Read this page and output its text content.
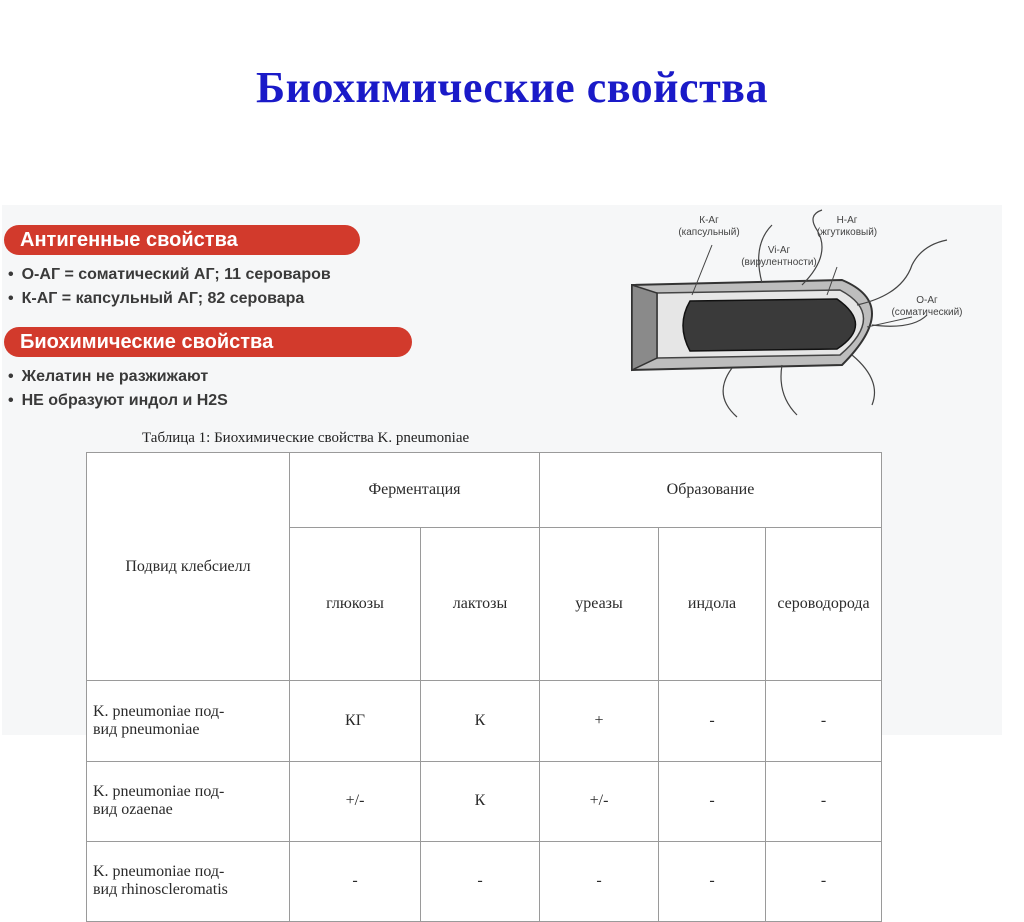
Биохимические свойства
Антигенные свойства
• О-АГ = соматический АГ; 11 сероваров
• К-АГ = капсульный АГ; 82 серовара
Биохимические свойства
• Желатин не разжижают
• НЕ образуют индол и H2S
К-Аг
(капсульный)
Н-Аг
(жгутиковый)
Vi-Аг
(вирулентности)
О-Аг
(соматический)
Таблица 1: Биохимические свойства K. pneumoniae
Подвид клебсиелл	Ферментация		Образование		
	глюкозы	лактозы	уреазы	индола	сероводорода

K. pneumoniae под-
вид pneumoniae	КГ	К	+	-	-

K. pneumoniae под-
вид ozaenae	+/-	К	+/-	-	-

K. pneumoniae под-
вид rhinoscleromatis	-	-	-	-	-
